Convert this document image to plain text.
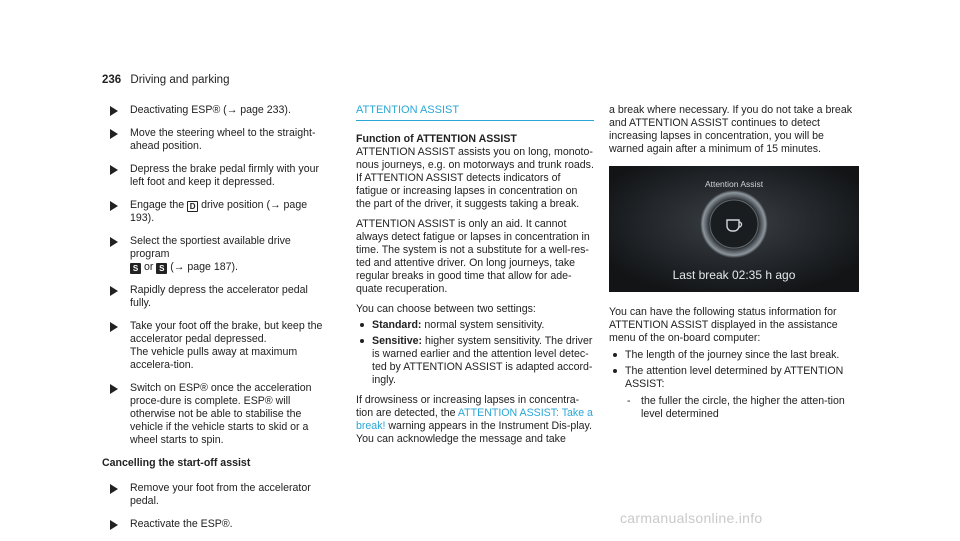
236 Driving and parking

Deactivating ESP® (→ page 233).

Move the steering wheel to the straight-ahead position.

Depress the brake pedal firmly with your left foot and keep it depressed.

Engage the D drive position (→ page 193).

Select the sportiest available drive program
S or S (→ page 187).

Rapidly depress the accelerator pedal fully.

Take your foot off the brake, but keep the accelerator pedal depressed.

The vehicle pulls away at maximum accelera-tion.

Switch on ESP® once the acceleration proce-dure is complete. ESP® will otherwise not be able to stabilise the vehicle if the vehicle starts to skid or a wheel starts to spin.

Cancelling the start-off assist

Remove your foot from the accelerator pedal.

Reactivate the ESP®.

ATTENTION ASSIST
Function of ATTENTION ASSIST

ATTENTION ASSIST assists you on long, monoto-nous journeys, e.g. on motorways and trunk roads. If ATTENTION ASSIST detects indicators of fatigue or increasing lapses in concentration on the part of the driver, it suggests taking a break.

ATTENTION ASSIST is only an aid. It cannot always detect fatigue or lapses in concentration in time. The system is not a substitute for a well-res-ted and attentive driver. On long journeys, take regular breaks in good time that allow for ade-quate recuperation.

You can choose between two settings:

Standard: normal system sensitivity.
Sensitive: higher system sensitivity. The driver is warned earlier and the attention level detec-ted by ATTENTION ASSIST is adapted accord-ingly.

If drowsiness or increasing lapses in concentra-tion are detected, the ATTENTION ASSIST: Take a break! warning appears in the Instrument Dis-play. You can acknowledge the message and take

a break where necessary. If you do not take a break and ATTENTION ASSIST continues to detect increasing lapses in concentration, you will be warned again after a minimum of 15 minutes.

Attention Assist
Last break 02:35 h ago

You can have the following status information for ATTENTION ASSIST displayed in the assistance menu of the on-board computer:

The length of the journey since the last break.
The attention level determined by ATTENTION ASSIST:
- the fuller the circle, the higher the atten-tion level determined
carmanualsonline.info
